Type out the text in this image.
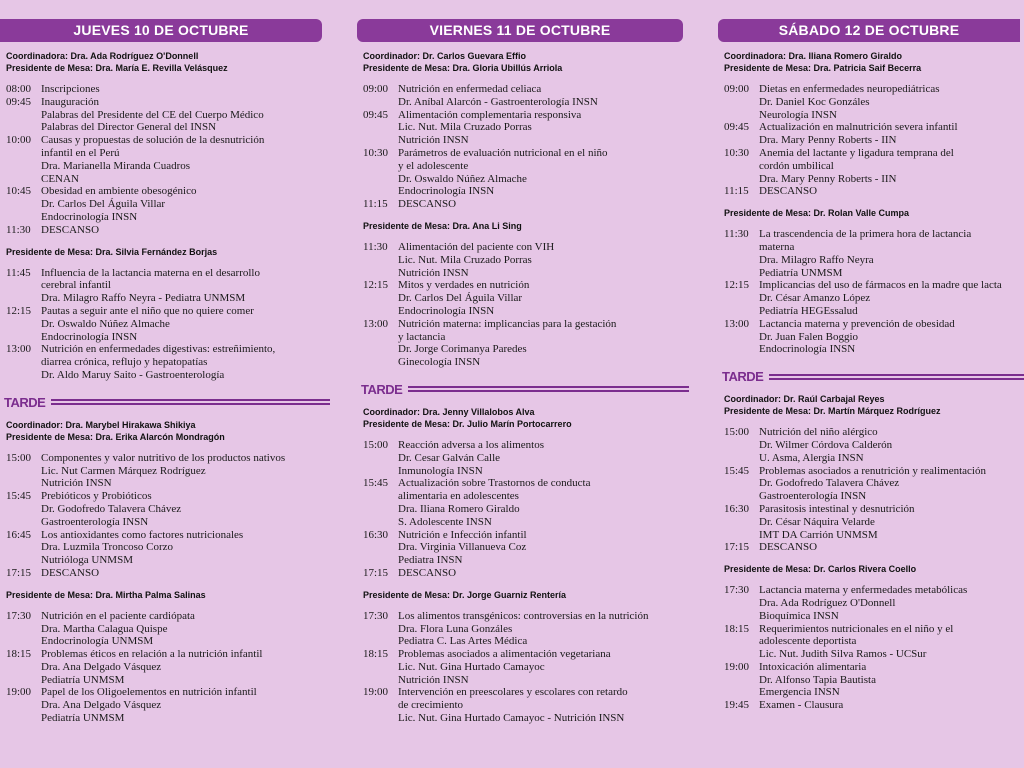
JUEVES 10 DE OCTUBRE
Coordinadora: Dra. Ada Rodríguez O'Donnell
Presidente de Mesa: Dra. María E. Revilla Velásquez
08:00 Inscripciones
09:45 Inauguración
Palabras del Presidente del CE del Cuerpo Médico
Palabras del Director General del INSN
10:00 Causas y propuestas de solución de la desnutrición
infantil en el Perú
Dra. Marianella Miranda Cuadros
CENAN
10:45 Obesidad en ambiente obesogénico
Dr. Carlos Del Águila Villar
Endocrinología INSN
11:30 DESCANSO
Presidente de Mesa: Dra. Silvia Fernández Borjas
11:45 Influencia de la lactancia materna en el desarrollo
cerebral infantil
Dra. Milagro Raffo Neyra - Pediatra UNMSM
12:15 Pautas a seguir ante el niño que no quiere comer
Dr. Oswaldo Núñez Almache
Endocrinología INSN
13:00 Nutrición en enfermedades digestivas: estreñimiento,
diarrea crónica, reflujo y hepatopatías
Dr. Aldo Maruy Saito - Gastroenterología
TARDE
Coordinador: Dra. Marybel Hirakawa Shikiya
Presidente de Mesa: Dra. Erika Alarcón Mondragón
15:00 Componentes y valor nutritivo de los productos nativos
Lic. Nut Carmen Márquez Rodríguez
Nutrición INSN
15:45 Prebióticos y Probióticos
Dr. Godofredo Talavera Chávez
Gastroenterología INSN
16:45 Los antioxidantes como factores nutricionales
Dra. Luzmila Troncoso Corzo
Nutrióloga UNMSM
17:15 DESCANSO
Presidente de Mesa: Dra. Mirtha Palma Salinas
17:30 Nutrición en el paciente cardiópata
Dra. Martha Calagua Quispe
Endocrinología UNMSM
18:15 Problemas éticos en relación a la nutrición infantil
Dra. Ana Delgado Vásquez
Pediatría UNMSM
19:00 Papel de los Oligoelementos en nutrición infantil
Dra. Ana Delgado Vásquez
Pediatría UNMSM
VIERNES 11 DE OCTUBRE
Coordinador: Dr. Carlos Guevara Effio
Presidente de Mesa: Dra. Gloria Ubillús Arriola
09:00 Nutrición en enfermedad celiaca
Dr. Aníbal Alarcón - Gastroenterología INSN
09:45 Alimentación complementaria responsiva
Lic. Nut. Mila Cruzado Porras
Nutrición INSN
10:30 Parámetros de evaluación nutricional en el niño
y el adolescente
Dr. Oswaldo Núñez Almache
Endocrinología INSN
11:15 DESCANSO
Presidente de Mesa: Dra. Ana Li Sing
11:30 Alimentación del paciente con VIH
Lic. Nut. Mila Cruzado Porras
Nutrición INSN
12:15 Mitos y verdades en nutrición
Dr. Carlos Del Águila Villar
Endocrinología INSN
13:00 Nutrición materna: implicancias para la gestación
y lactancia
Dr. Jorge Corimanya Paredes
Ginecología INSN
TARDE
Coordinador: Dra. Jenny Villalobos Alva
Presidente de Mesa: Dr. Julio Marín Portocarrero
15:00 Reacción adversa a los alimentos
Dr. Cesar Galván Calle
Inmunología INSN
15:45 Actualización sobre Trastornos de conducta
alimentaria en adolescentes
Dra. Iliana Romero Giraldo
S. Adolescente INSN
16:30 Nutrición e Infección infantil
Dra. Virginia Villanueva Coz
Pediatra INSN
17:15 DESCANSO
Presidente de Mesa: Dr. Jorge Guarniz Rentería
17:30 Los alimentos transgénicos: controversias en la nutrición
Dra. Flora Luna Gonzáles
Pediatra C. Las Artes Médica
18:15 Problemas asociados a alimentación vegetariana
Lic. Nut. Gina Hurtado Camayoc
Nutrición INSN
19:00 Intervención en preescolares y escolares con retardo
de crecimiento
Lic. Nut. Gina Hurtado Camayoc - Nutrición INSN
SÁBADO 12 DE OCTUBRE
Coordinadora: Dra. Iliana Romero Giraldo
Presidente de Mesa: Dra. Patricia Saif Becerra
09:00 Dietas en enfermedades neuropediátricas
Dr. Daniel Koc Gonzáles
Neurología INSN
09:45 Actualización en malnutrición severa infantil
Dra. Mary Penny Roberts - IIN
10:30 Anemia del lactante y ligadura temprana del
cordón umbilical
Dra. Mary Penny Roberts - IIN
11:15 DESCANSO
Presidente de Mesa: Dr. Rolan Valle Cumpa
11:30 La trascendencia de la primera hora de lactancia
materna
Dra. Milagro Raffo Neyra
Pediatría UNMSM
12:15 Implicancias del uso de fármacos en la madre que lacta
Dr. César Amanzo López
Pediatría HEGEssalud
13:00 Lactancia materna y prevención de obesidad
Dr. Juan Falen Boggio
Endocrinología INSN
TARDE
Coordinador: Dr. Raúl Carbajal Reyes
Presidente de Mesa: Dr. Martín Márquez Rodríguez
15:00 Nutrición del niño alérgico
Dr. Wilmer Córdova Calderón
U. Asma, Alergia INSN
15:45 Problemas asociados a renutrición y realimentación
Dr. Godofredo Talavera Chávez
Gastroenterología INSN
16:30 Parasitosis intestinal y desnutrición
Dr. César Náquira Velarde
IMT DA Carrión UNMSM
17:15 DESCANSO
Presidente de Mesa: Dr. Carlos Rivera Coello
17:30 Lactancia materna y enfermedades metabólicas
Dra. Ada Rodríguez O'Donnell
Bioquímica INSN
18:15 Requerimientos nutricionales en el niño y el
adolescente deportista
Lic. Nut. Judith Silva Ramos - UCSur
19:00 Intoxicación alimentaria
Dr. Alfonso Tapia Bautista
Emergencia INSN
19:45 Examen - Clausura
